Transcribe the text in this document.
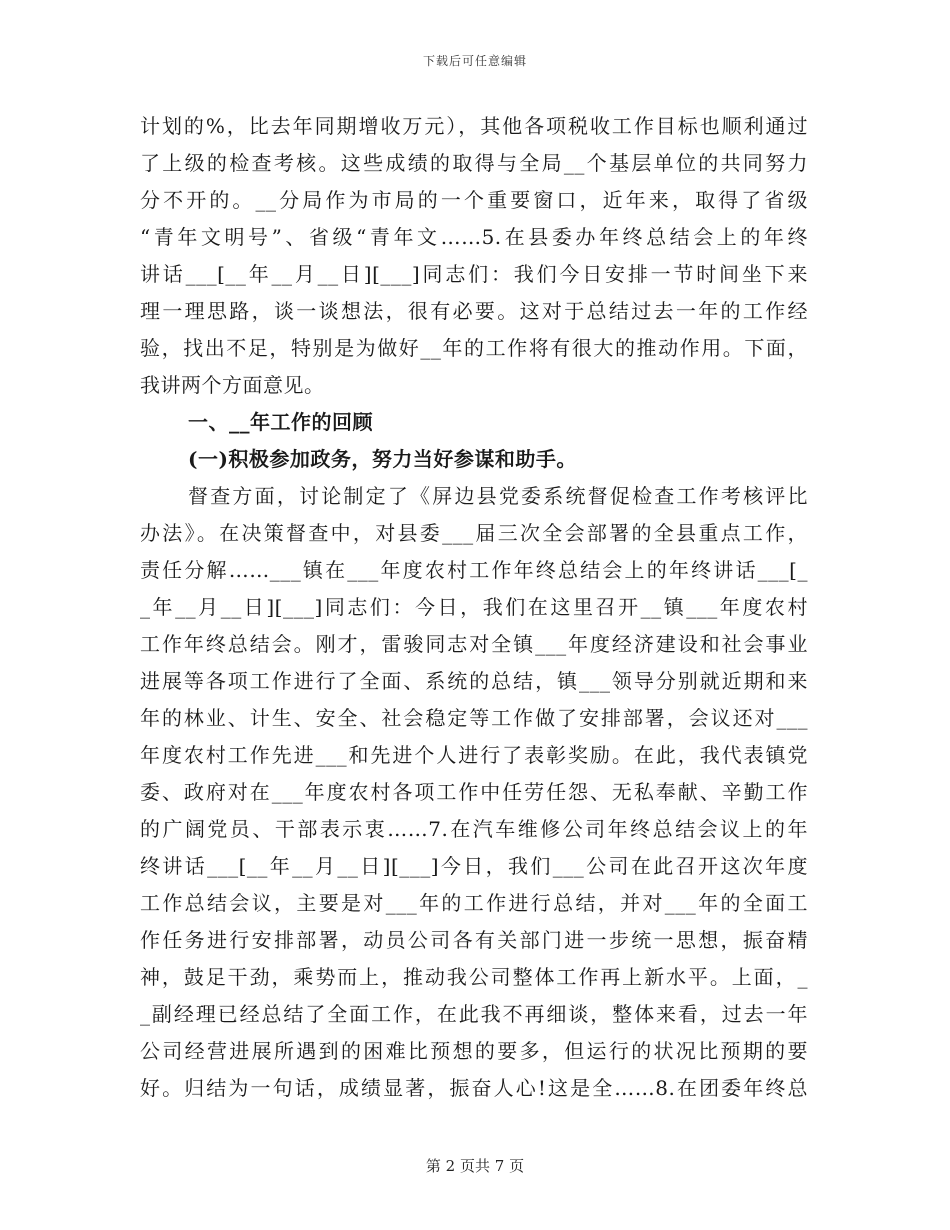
下载后可任意编辑
计划的%，比去年同期增收万元），其他各项税收工作目标也顺利通过
了上级的检查考核。这些成绩的取得与全局__个基层单位的共同努力
分不开的。__分局作为市局的一个重要窗口，近年来，取得了省级
“青年文明号”、省级“青年文……5.在县委办年终总结会上的年终
讲话___[__年__月__日][___]同志们：我们今日安排一节时间坐下来
理一理思路，谈一谈想法，很有必要。这对于总结过去一年的工作经
验，找出不足，特别是为做好__年的工作将有很大的推动作用。下面，
我讲两个方面意见。
一、__年工作的回顾
(一)积极参加政务，努力当好参谋和助手。
督查方面，讨论制定了《屏边县党委系统督促检查工作考核评比
办法》。在决策督查中，对县委___届三次全会部署的全县重点工作，
责任分解……___镇在___年度农村工作年终总结会上的年终讲话___[_
_年__月__日][___]同志们：今日，我们在这里召开__镇___年度农村
工作年终总结会。刚才，雷骏同志对全镇___年度经济建设和社会事业
进展等各项工作进行了全面、系统的总结，镇___领导分别就近期和来
年的林业、计生、安全、社会稳定等工作做了安排部署，会议还对___
年度农村工作先进___和先进个人进行了表彰奖励。在此，我代表镇党
委、政府对在___年度农村各项工作中任劳任怨、无私奉献、辛勤工作
的广阔党员、干部表示衷……7.在汽车维修公司年终总结会议上的年
终讲话___[__年__月__日][___]今日，我们___公司在此召开这次年度
工作总结会议，主要是对___年的工作进行总结，并对___年的全面工
作任务进行安排部署，动员公司各有关部门进一步统一思想，振奋精
神，鼓足干劲，乘势而上，推动我公司整体工作再上新水平。上面，_
_副经理已经总结了全面工作，在此我不再细谈，整体来看，过去一年
公司经营进展所遇到的困难比预想的要多，但运行的状况比预期的要
好。归结为一句话，成绩显著，振奋人心!这是全……8.在团委年终总
第 2 页共 7 页
